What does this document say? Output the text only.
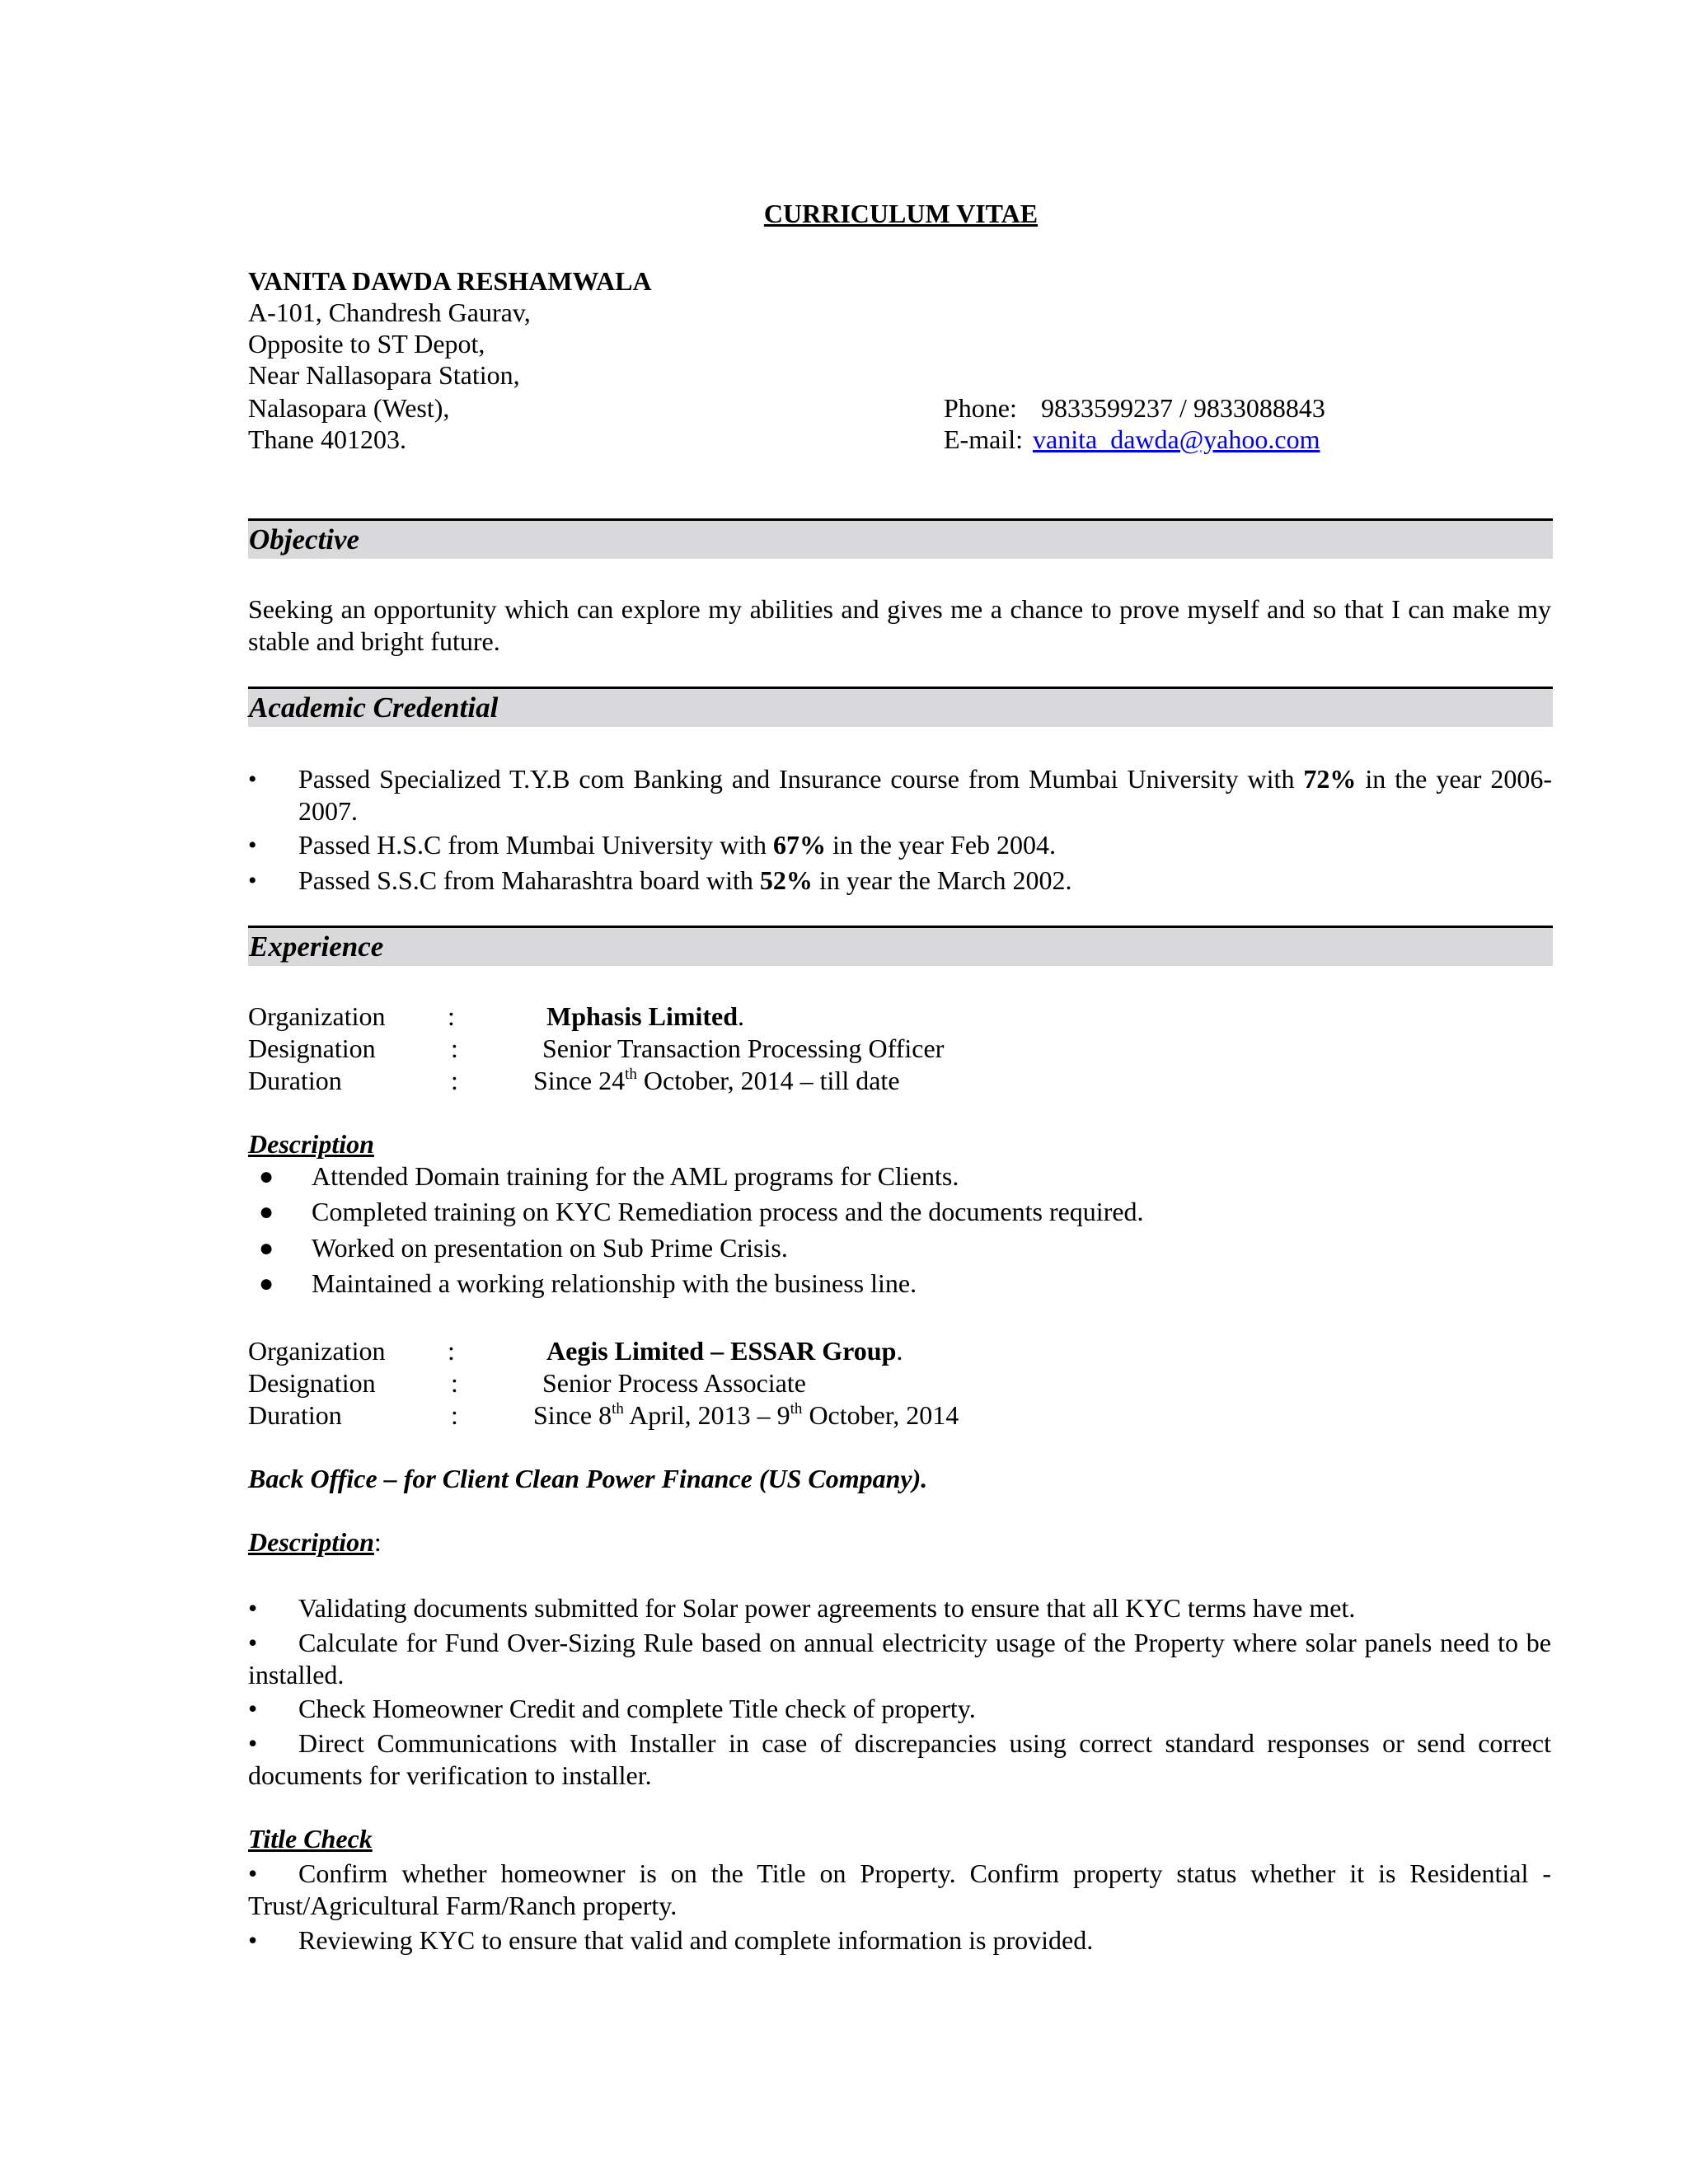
CURRICULUM VITAE
VANITA DAWDA RESHAMWALA
A-101, Chandresh Gaurav,
Opposite to ST Depot,
Near Nallasopara Station,
Nalasopara (West),
Thane 401203.
Phone: 9833599237 / 9833088843
E-mail: vanita_dawda@yahoo.com
Objective
Seeking an opportunity which can explore my abilities and gives me a chance to prove myself and so that I can make my stable and bright future.
Academic Credential
• Passed Specialized T.Y.B com Banking and Insurance course from Mumbai University with 72% in the year 2006-2007.
• Passed H.S.C from Mumbai University with 67% in the year Feb 2004.
• Passed S.S.C from Maharashtra board with 52% in year the March 2002.
Experience
Organization :	Mphasis Limited.
Designation	:	Senior Transaction Processing Officer
Duration	:	Since 24th October, 2014 – till date
Description
● Attended Domain training for the AML programs for Clients.
● Completed training on KYC Remediation process and the documents required.
● Worked on presentation on Sub Prime Crisis.
● Maintained a working relationship with the business line.
Organization :	Aegis Limited – ESSAR Group.
Designation	:	Senior Process Associate
Duration	:	Since 8th April, 2013 – 9th October, 2014
Back Office – for Client Clean Power Finance (US Company).
Description:
• Validating documents submitted for Solar power agreements to ensure that all KYC terms have met.
• Calculate for Fund Over-Sizing Rule based on annual electricity usage of the Property where solar panels need to be installed.
• Check Homeowner Credit and complete Title check of property.
• Direct Communications with Installer in case of discrepancies using correct standard responses or send correct documents for verification to installer.
Title Check
• Confirm whether homeowner is on the Title on Property. Confirm property status whether it is Residential - Trust/Agricultural Farm/Ranch property.
• Reviewing KYC to ensure that valid and complete information is provided.
